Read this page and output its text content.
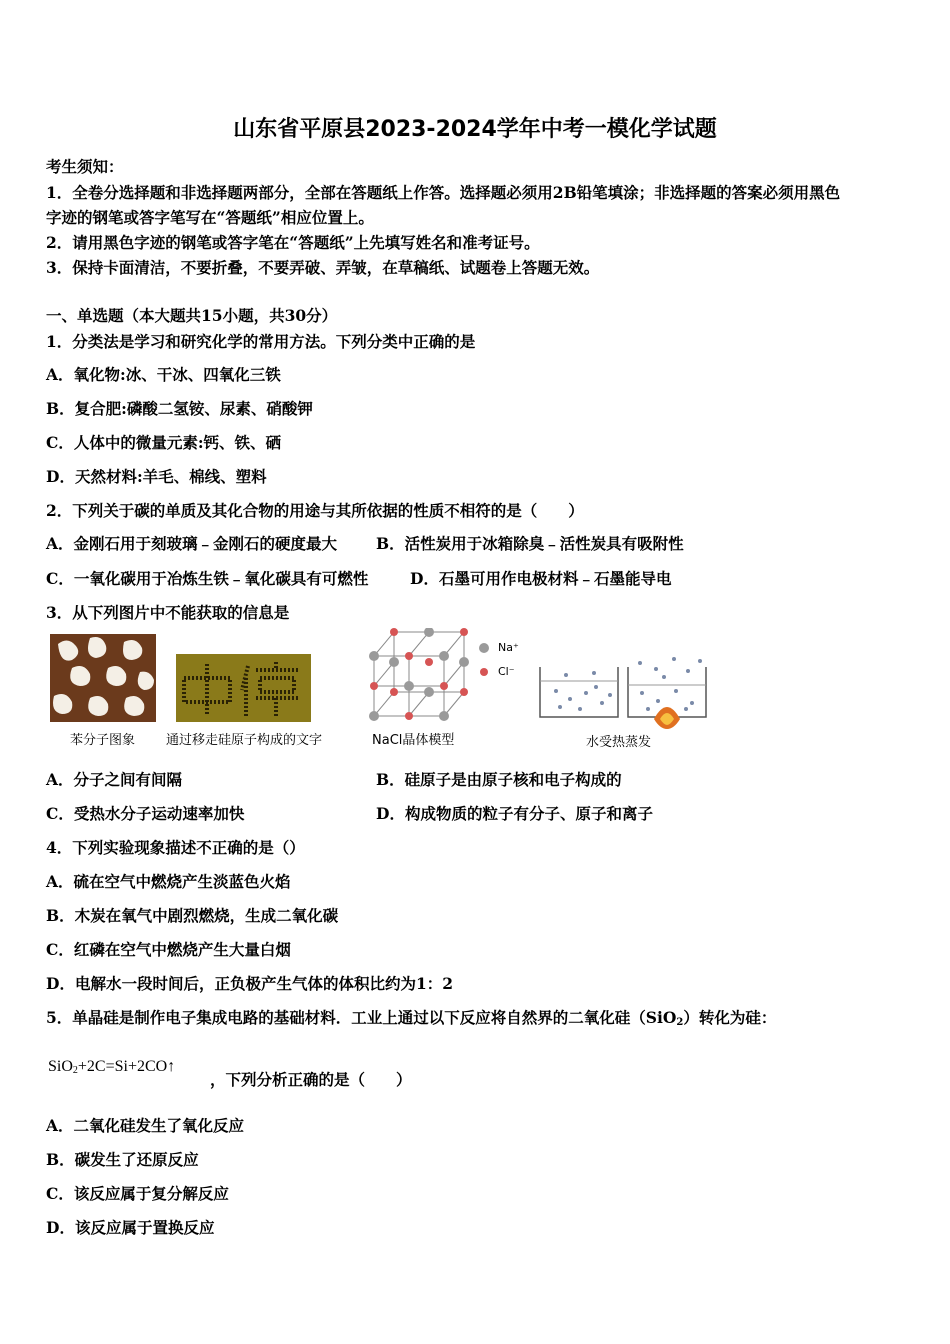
山东省平原县2023-2024学年中考一模化学试题
考生须知：
1．全卷分选择题和非选择题两部分，全部在答题纸上作答。选择题必须用2B铅笔填涂；非选择题的答案必须用黑色
字迹的钢笔或答字笔写在“答题纸”相应位置上。
2．请用黑色字迹的钢笔或答字笔在“答题纸”上先填写姓名和准考证号。
3．保持卡面清洁，不要折叠，不要弄破、弄皱，在草稿纸、试题卷上答题无效。
一、单选题（本大题共15小题，共30分）
1．分类法是学习和研究化学的常用方法。下列分类中正确的是
A．氧化物:冰、干冰、四氧化三铁
B．复合肥:磷酸二氢铵、尿素、硝酸钾
C．人体中的微量元素:钙、铁、硒
D．天然材料:羊毛、棉线、塑料
2．下列关于碳的单质及其化合物的用途与其所依据的性质不相符的是（　　）
A．金刚石用于刻玻璃﹣金刚石的硬度最大	B．活性炭用于冰箱除臭﹣活性炭具有吸附性
C．一氧化碳用于冶炼生铁﹣氧化碳具有可燃性	D．石墨可用作电极材料﹣石墨能导电
3．从下列图片中不能获取的信息是
苯分子图象 通过移走硅原子构成的文字
Na⁺
Cl⁻
NaCl晶体模型	水受热蒸发
A．分子之间有间隔	B．硅原子是由原子核和电子构成的
C．受热水分子运动速率加快	D．构成物质的粒子有分子、原子和离子
4．下列实验现象描述不正确的是（）
A．硫在空气中燃烧产生淡蓝色火焰
B．木炭在氧气中剧烈燃烧，生成二氧化碳
C．红磷在空气中燃烧产生大量白烟
D．电解水一段时间后，正负极产生气体的体积比约为1：2
5．单晶硅是制作电子集成电路的基础材料．工业上通过以下反应将自然界的二氧化硅（SiO$_2$）转化为硅：
SiO$_2$+2C=Si+2CO↑
，下列分析正确的是（　　）
A．二氧化硅发生了氧化反应
B．碳发生了还原反应
C．该反应属于复分解反应
D．该反应属于置换反应
